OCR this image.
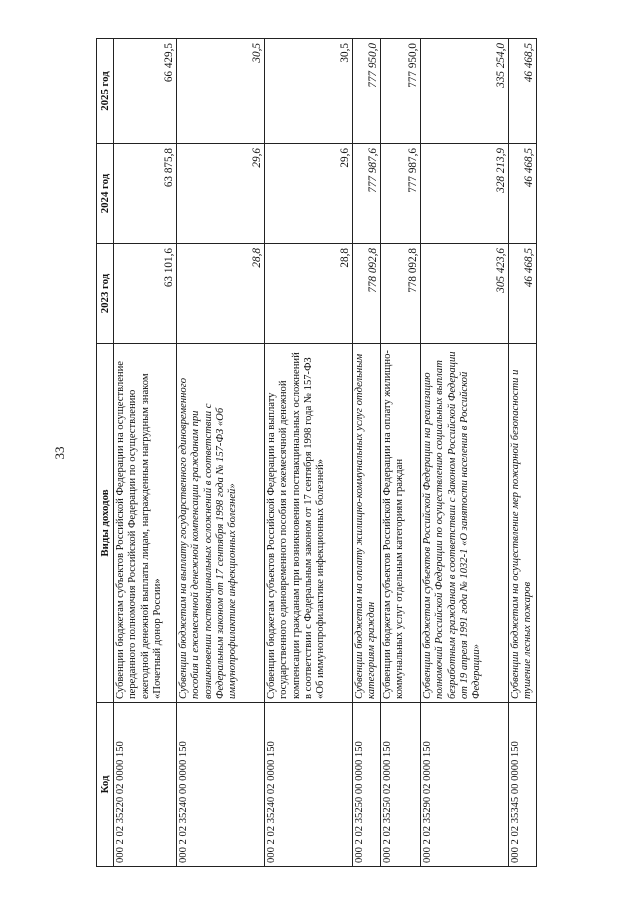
33
Код	Виды доходов	2023 год	2024 год	2025 год
000 2 02 35220 02 0000 150	Субвенции бюджетам субъектов Российской Федерации на осуществление переданного полномочия Российской Федерации по осуществлению ежегодной денежной выплаты лицам, награжденным нагрудным знаком «Почетный донор России»	63 101,6	63 875,8	66 429,5
000 2 02 35240 00 0000 150	Субвенции бюджетам на выплату государственного единовременного пособия и ежемесячной денежной компенсации гражданам при возникновении поствакцинальных осложнений в соответствии с Федеральным законом от 17 сентября 1998 года № 157-ФЗ «Об иммунопрофилактике инфекционных болезней»	28,8	29,6	30,5
000 2 02 35240 02 0000 150	Субвенции бюджетам субъектов Российской Федерации на выплату государственного единовременного пособия и ежемесячной денежной компенсации гражданам при возникновении поствакцинальных осложнений в соответствии с Федеральным законом от 17 сентября 1998 года № 157-ФЗ «Об иммунопрофилактике инфекционных болезней»	28,8	29,6	30,5
000 2 02 35250 00 0000 150	Субвенции бюджетам на оплату жилищно-коммунальных услуг отдельным категориям граждан	778 092,8	777 987,6	777 950,0
000 2 02 35250 02 0000 150	Субвенции бюджетам субъектов Российской Федерации на оплату жилищно-коммунальных услуг отдельным категориям граждан	778 092,8	777 987,6	777 950,0
000 2 02 35290 02 0000 150	Субвенции бюджетам субъектов Российской Федерации на реализацию полномочий Российской Федерации по осуществлению социальных выплат безработным гражданам в соответствии с Законом Российской Федерации от 19 апреля 1991 года № 1032-1 «О занятости населения в Российской Федерации»	305 423,6	328 213,9	335 254,0
000 2 02 35345 00 0000 150	Субвенции бюджетам на осуществление мер пожарной безопасности и тушение лесных пожаров	46 468,5	46 468,5	46 468,5
